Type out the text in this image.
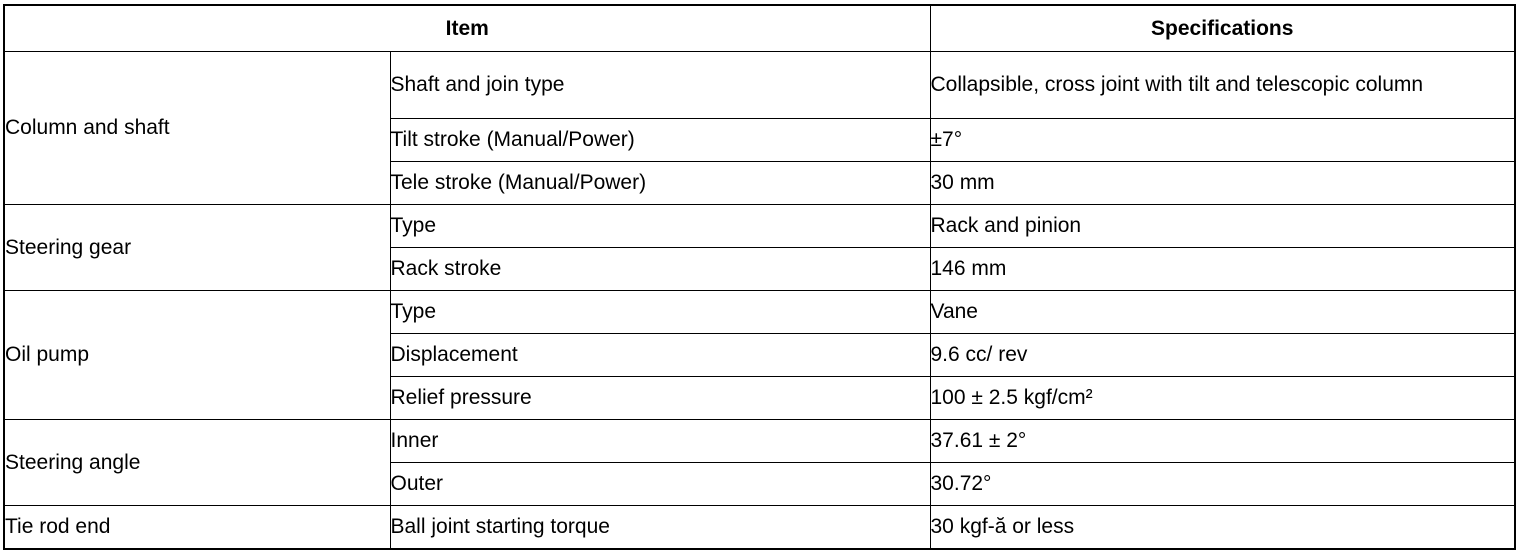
Item		Specifications
Column and shaft	Shaft and join type	Collapsible, cross joint with tilt and telescopic column
	Tilt stroke (Manual/Power)	±7°
	Tele stroke (Manual/Power)	30 mm
Steering gear	Type	Rack and pinion
	Rack stroke	146 mm
Oil pump	Type	Vane
	Displacement	9.6 cc/ rev
	Relief pressure	100 ± 2.5 kgf/cm²
Steering angle	Inner	37.61 ± 2°
	Outer	30.72°
Tie rod end	Ball joint starting torque	30 kgf-ă or less
